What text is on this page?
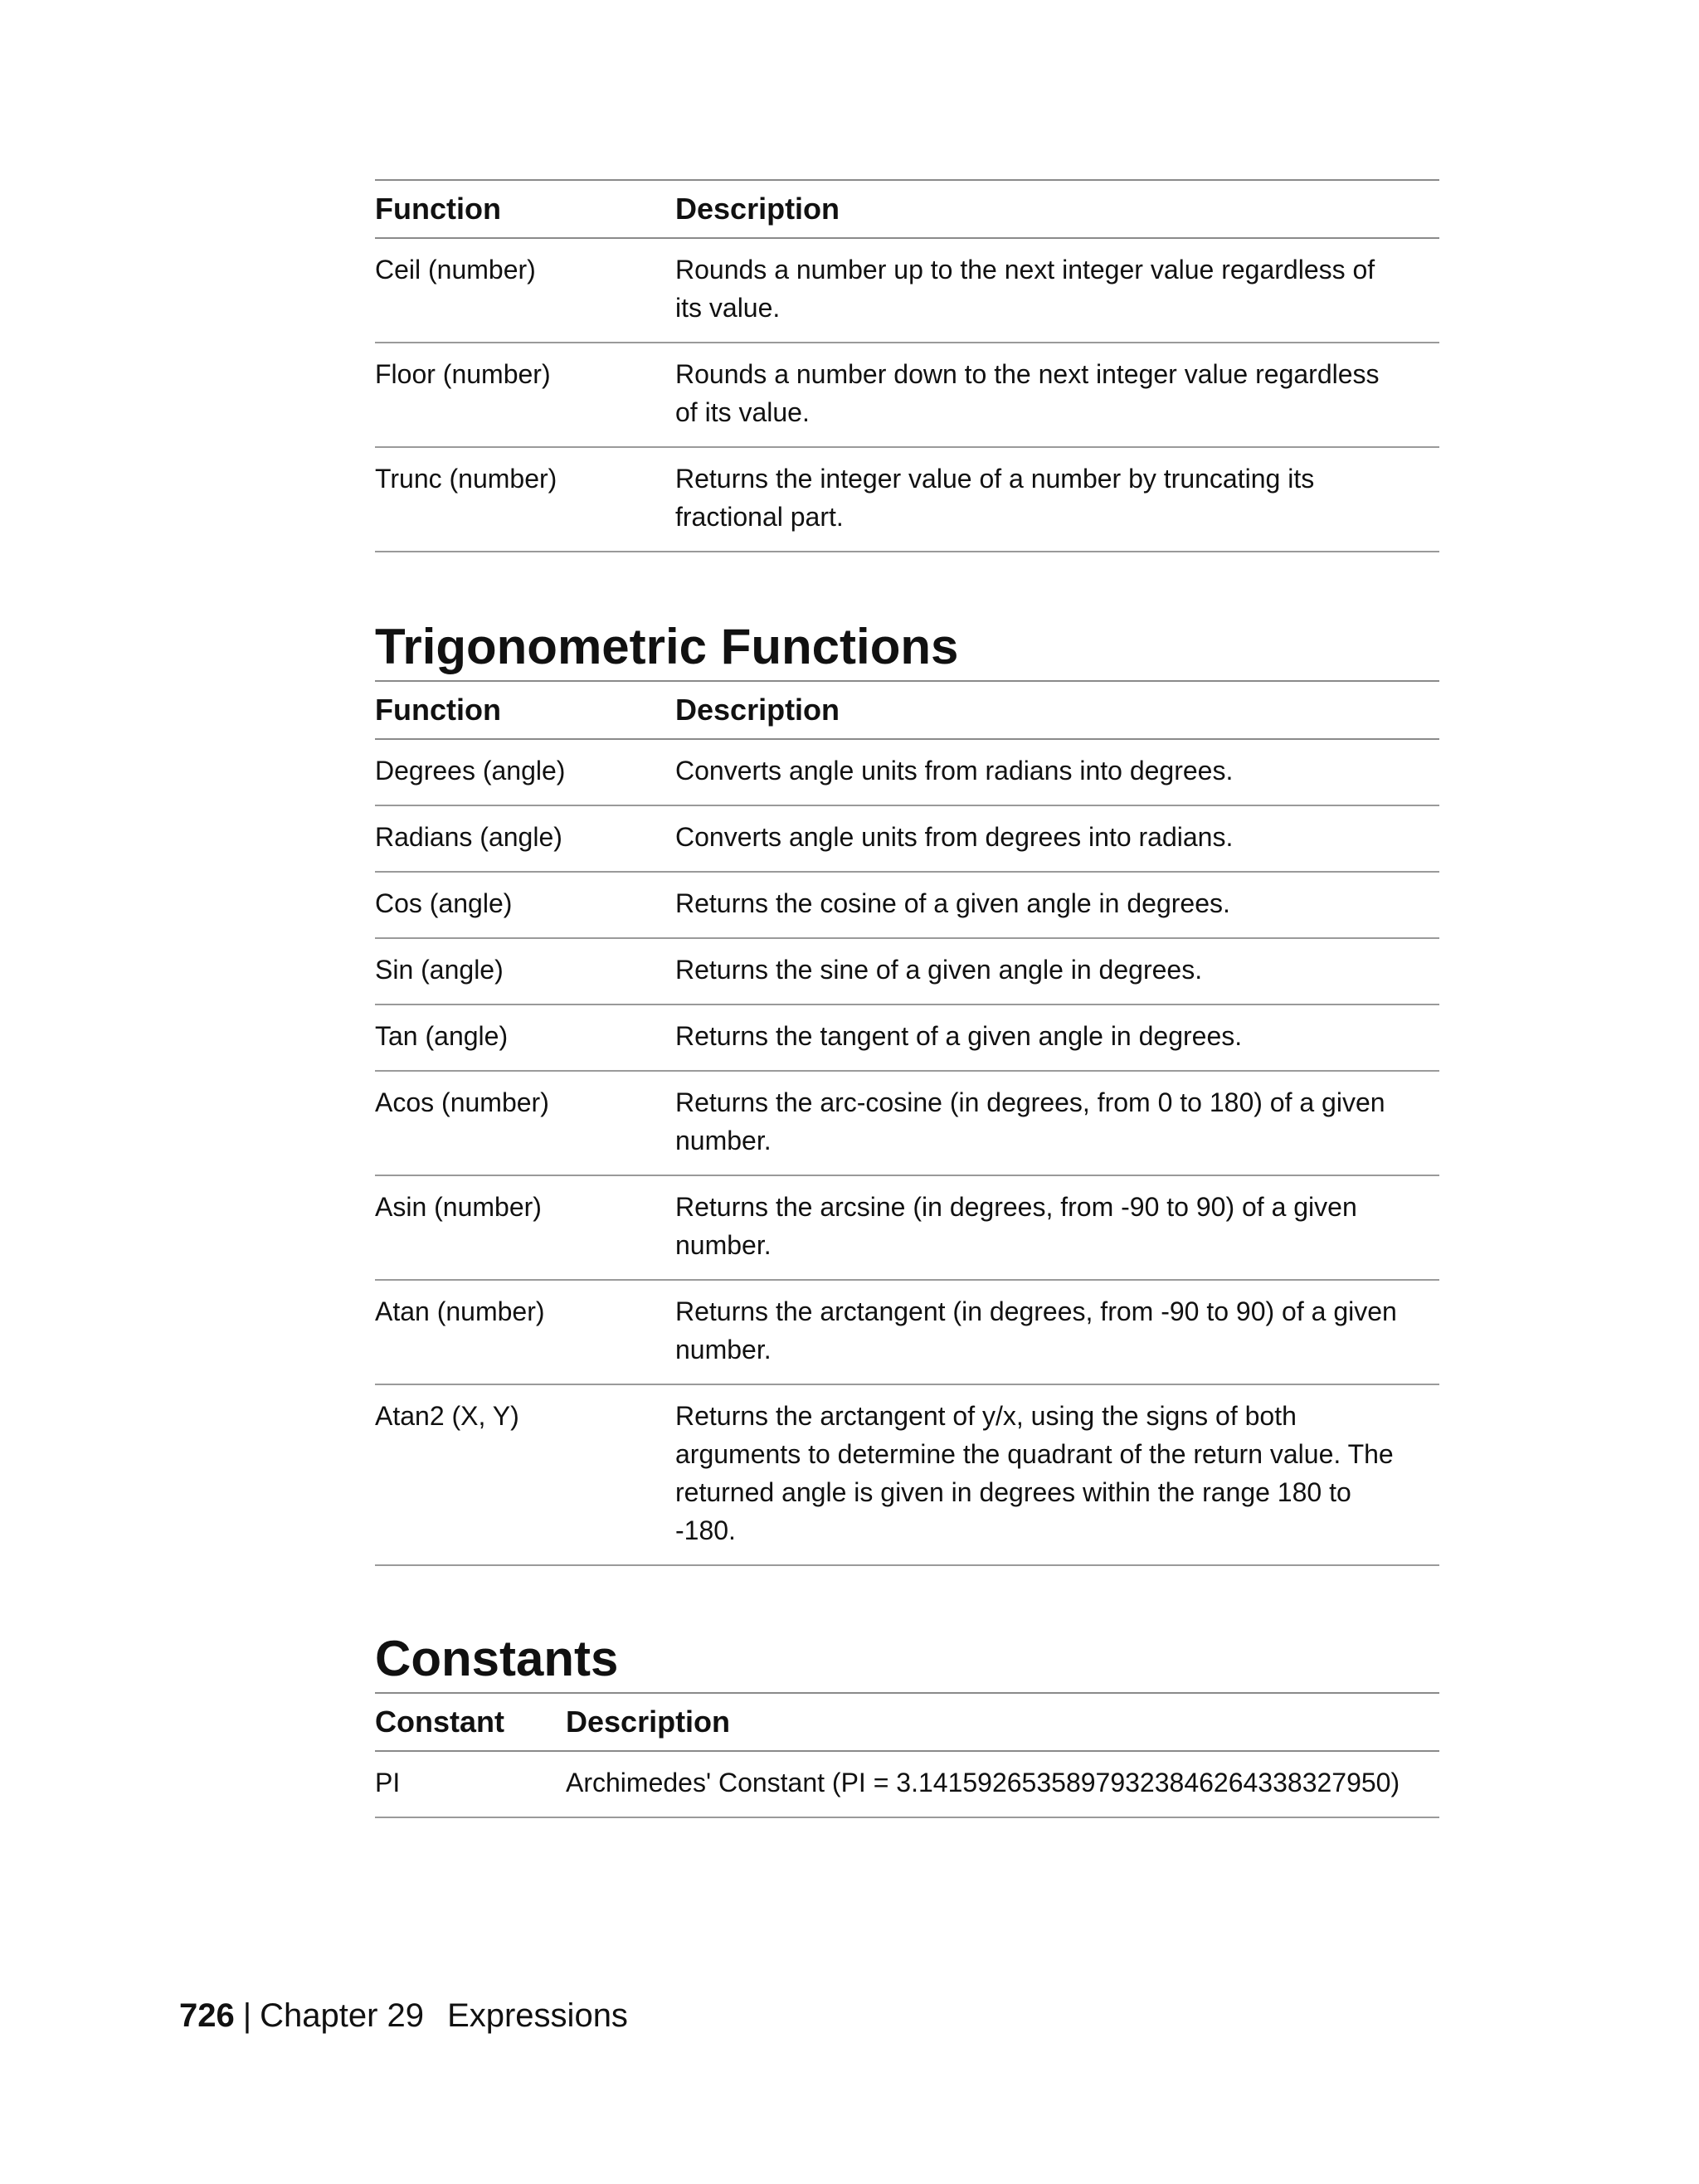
Function	Description
Ceil (number)	Rounds a number up to the next integer value regardless of its value.
Floor (number)	Rounds a number down to the next integer value regardless of its value.
Trunc (number)	Returns the integer value of a number by truncating its fractional part.
Trigonometric Functions
Function	Description
Degrees (angle)	Converts angle units from radians into degrees.
Radians (angle)	Converts angle units from degrees into radians.
Cos (angle)	Returns the cosine of a given angle in degrees.
Sin (angle)	Returns the sine of a given angle in degrees.
Tan (angle)	Returns the tangent of a given angle in degrees.
Acos (number)	Returns the arc-cosine (in degrees, from 0 to 180) of a given number.
Asin (number)	Returns the arcsine (in degrees, from -90 to 90) of a given number.
Atan (number)	Returns the arctangent (in degrees, from -90 to 90) of a given number.
Atan2 (X, Y)	Returns the arctangent of y/x, using the signs of both arguments to determine the quadrant of the return value. The returned angle is given in degrees within the range 180 to -180.
Constants
Constant	Description
PI	Archimedes' Constant (PI = 3.14159265358979323846264338327950)
726 | Chapter 29 Expressions
